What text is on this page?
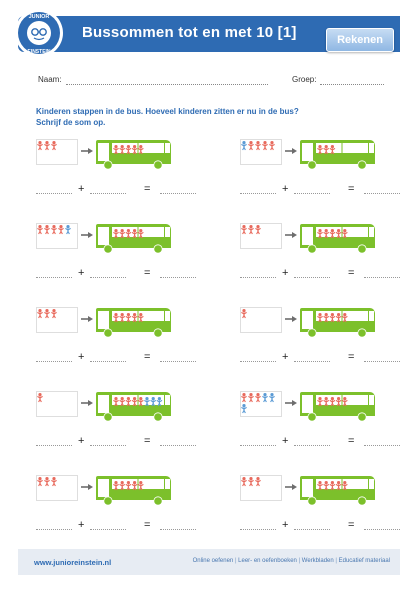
JUNIOR
EINSTEIN
Bussommen tot en met 10 [1]	Rekenen
Naam:	Groep:
Kinderen stappen in de bus. Hoeveel kinderen zitten er nu in de bus?
Schrijf de som op.
+	=	+	=
+	=	+	=
+	=	+	=
+	=	+	=
+	=	+	=
www.junioreinstein.nl	Online oefenen | Leer- en oefenboeken | Werkbladen | Educatief materiaal
